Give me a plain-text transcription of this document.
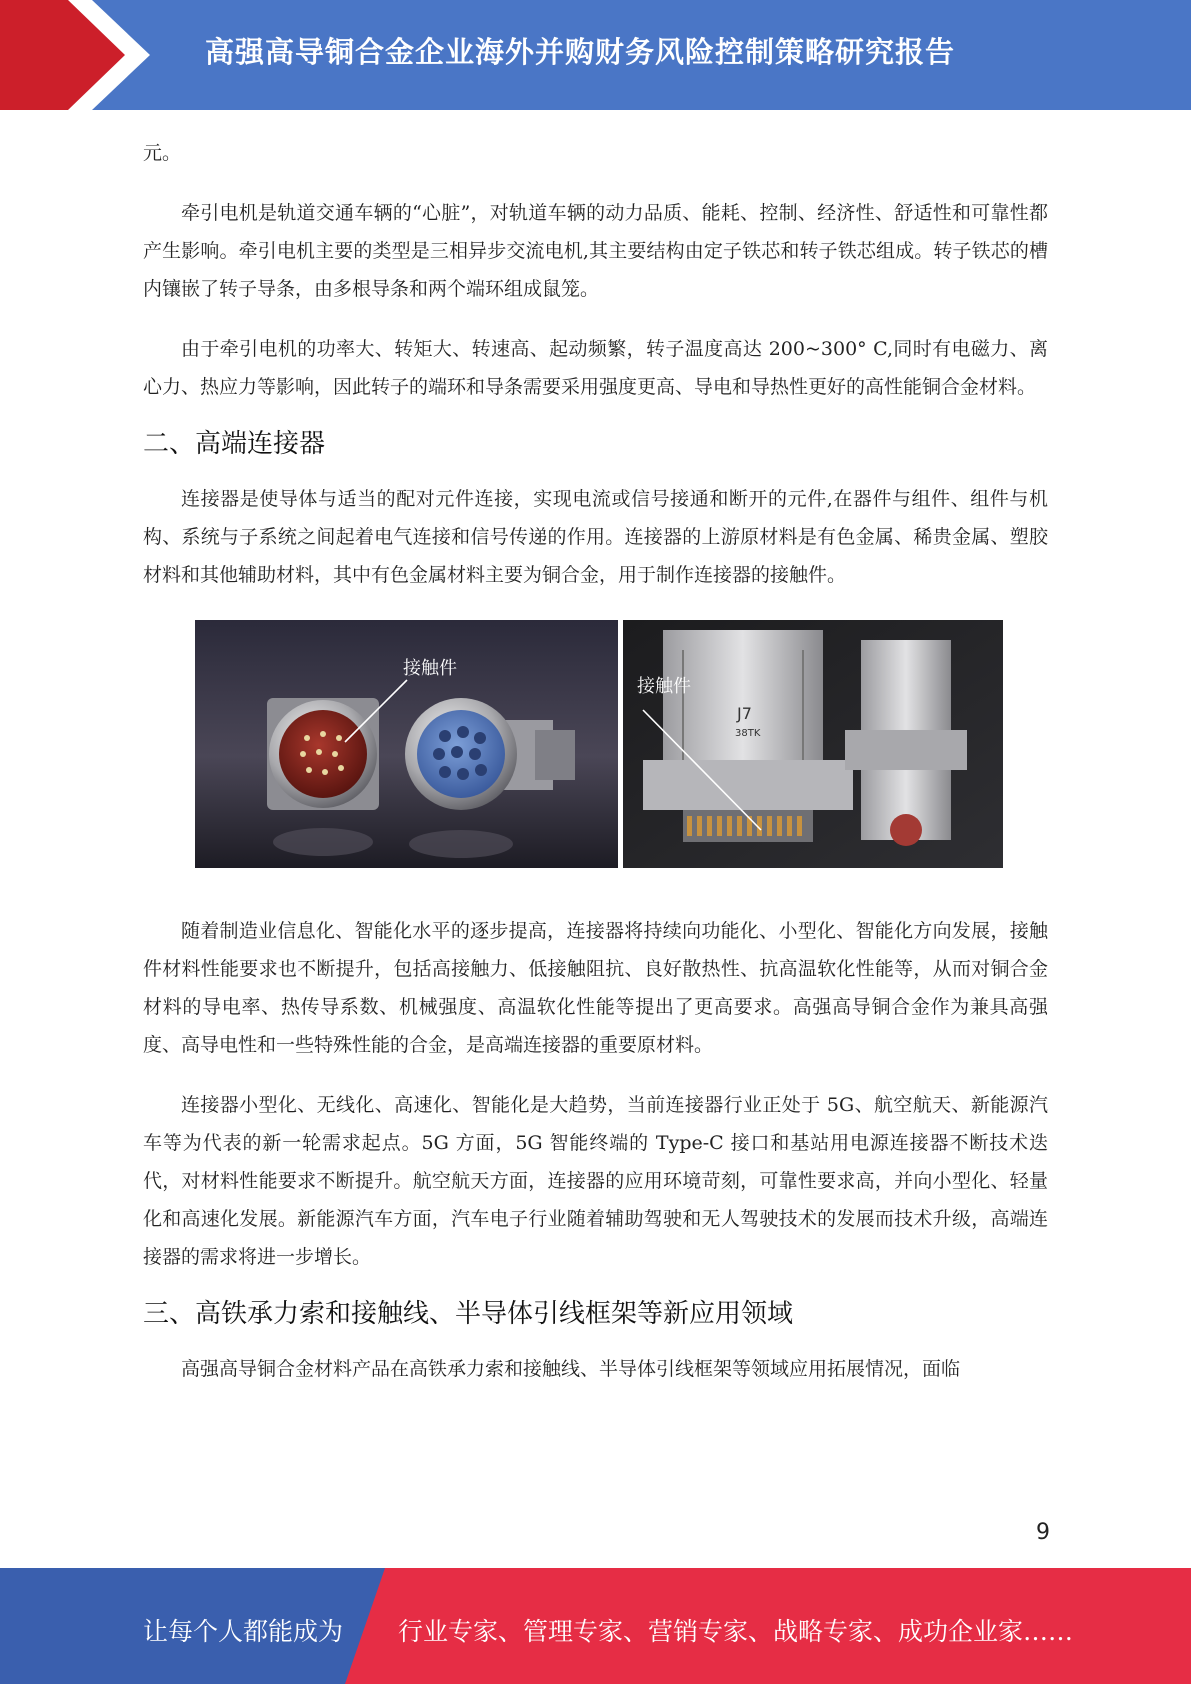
高强高导铜合金企业海外并购财务风险控制策略研究报告

元。

牵引电机是轨道交通车辆的“心脏”，对轨道车辆的动力品质、能耗、控制、经济性、舒适性和可靠性都产生影响。牵引电机主要的类型是三相异步交流电机,其主要结构由定子铁芯和转子铁芯组成。转子铁芯的槽内镶嵌了转子导条，由多根导条和两个端环组成鼠笼。

由于牵引电机的功率大、转矩大、转速高、起动频繁，转子温度高达 200~300° C,同时有电磁力、离心力、热应力等影响，因此转子的端环和导条需要采用强度更高、导电和导热性更好的高性能铜合金材料。

二、高端连接器

连接器是使导体与适当的配对元件连接，实现电流或信号接通和断开的元件,在器件与组件、组件与机构、系统与子系统之间起着电气连接和信号传递的作用。连接器的上游原材料是有色金属、稀贵金属、塑胶材料和其他辅助材料，其中有色金属材料主要为铜合金，用于制作连接器的接触件。

接触件
接触件
J7
38TK

随着制造业信息化、智能化水平的逐步提高，连接器将持续向功能化、小型化、智能化方向发展，接触件材料性能要求也不断提升，包括高接触力、低接触阻抗、良好散热性、抗高温软化性能等，从而对铜合金材料的导电率、热传导系数、机械强度、高温软化性能等提出了更高要求。高强高导铜合金作为兼具高强度、高导电性和一些特殊性能的合金，是高端连接器的重要原材料。

连接器小型化、无线化、高速化、智能化是大趋势，当前连接器行业正处于 5G、航空航天、新能源汽车等为代表的新一轮需求起点。5G 方面，5G 智能终端的 Type-C 接口和基站用电源连接器不断技术迭代，对材料性能要求不断提升。航空航天方面，连接器的应用环境苛刻，可靠性要求高，并向小型化、轻量化和高速化发展。新能源汽车方面，汽车电子行业随着辅助驾驶和无人驾驶技术的发展而技术升级，高端连接器的需求将进一步增长。

三、高铁承力索和接触线、半导体引线框架等新应用领域

高强高导铜合金材料产品在高铁承力索和接触线、半导体引线框架等领域应用拓展情况，面临

9
让每个人都能成为 行业专家、管理专家、营销专家、战略专家、成功企业家……
